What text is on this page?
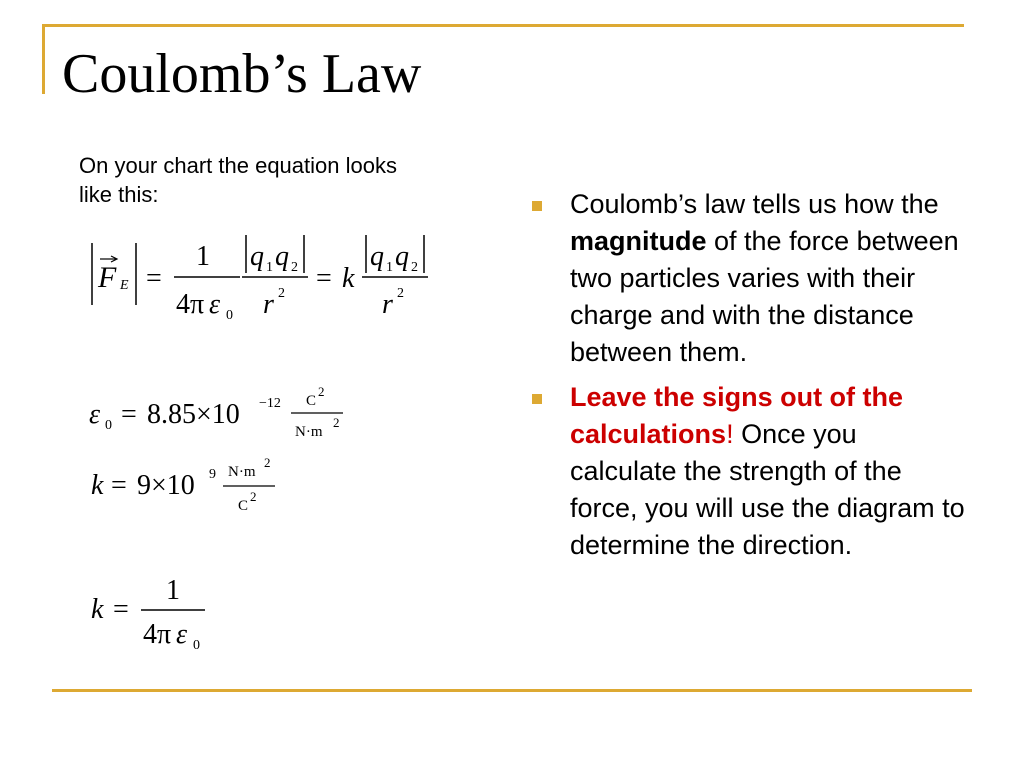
Coulomb’s Law
On your chart the equation looks like this:
F E =
1
4π ε 0
q 1 q 2
r 2 = k
q 1 q 2
r 2
ε 0 = 8.85×10 −12 C
2
N·m
2
k = 9×10 9 N·m
2
C
2
k =
1
4π ε 0
Coulomb’s law tells us how the magnitude of the force between two particles varies with their charge and with the distance between them.
Leave the signs out of the calculations! Once you calculate the strength of the force, you will use the diagram to determine the direction.
